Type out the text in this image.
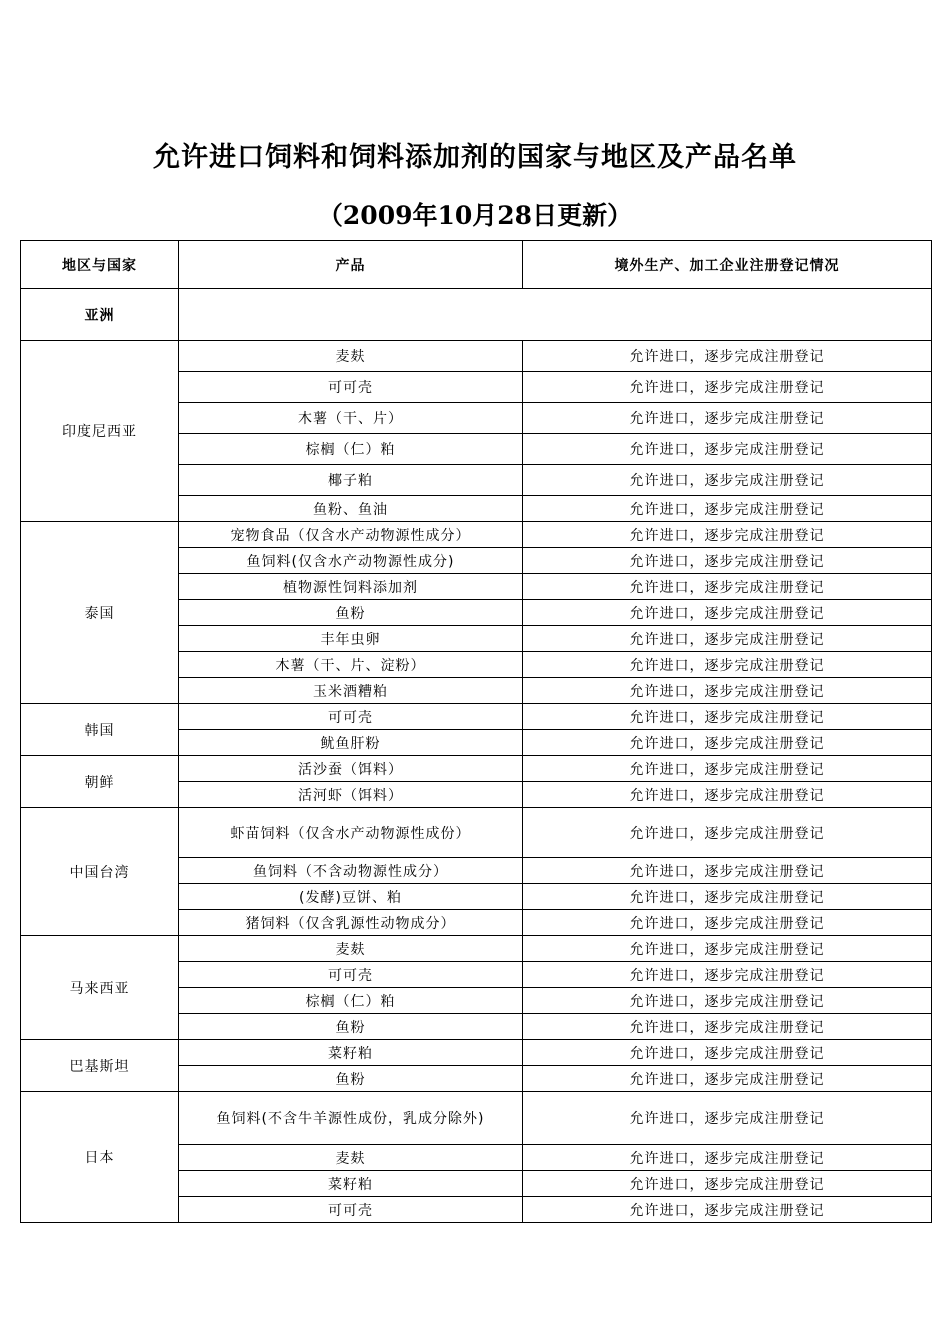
允许进口饲料和饲料添加剂的国家与地区及产品名单
（2009年10月28日更新）
地区与国家	产品	境外生产、加工企业注册登记情况
亚洲		
印度尼西亚	麦麸	允许进口，逐步完成注册登记
	可可壳	允许进口，逐步完成注册登记
	木薯（干、片）	允许进口，逐步完成注册登记
	棕榈（仁）粕	允许进口，逐步完成注册登记
	椰子粕	允许进口，逐步完成注册登记
	鱼粉、鱼油	允许进口，逐步完成注册登记
泰国	宠物食品（仅含水产动物源性成分）	允许进口，逐步完成注册登记
	鱼饲料(仅含水产动物源性成分)	允许进口，逐步完成注册登记
	植物源性饲料添加剂	允许进口，逐步完成注册登记
	鱼粉	允许进口，逐步完成注册登记
	丰年虫卵	允许进口，逐步完成注册登记
	木薯（干、片、淀粉）	允许进口，逐步完成注册登记
	玉米酒糟粕	允许进口，逐步完成注册登记
韩国	可可壳	允许进口，逐步完成注册登记
	鱿鱼肝粉	允许进口，逐步完成注册登记
朝鲜	活沙蚕（饵料）	允许进口，逐步完成注册登记
	活河虾（饵料）	允许进口，逐步完成注册登记
中国台湾	虾苗饲料（仅含水产动物源性成份）	允许进口，逐步完成注册登记
	鱼饲料（不含动物源性成分）	允许进口，逐步完成注册登记
	(发酵)豆饼、粕	允许进口，逐步完成注册登记
	猪饲料（仅含乳源性动物成分）	允许进口，逐步完成注册登记
马来西亚	麦麸	允许进口，逐步完成注册登记
	可可壳	允许进口，逐步完成注册登记
	棕榈（仁）粕	允许进口，逐步完成注册登记
	鱼粉	允许进口，逐步完成注册登记
巴基斯坦	菜籽粕	允许进口，逐步完成注册登记
	鱼粉	允许进口，逐步完成注册登记
日本	鱼饲料(不含牛羊源性成份，乳成分除外)	允许进口，逐步完成注册登记
	麦麸	允许进口，逐步完成注册登记
	菜籽粕	允许进口，逐步完成注册登记
	可可壳	允许进口，逐步完成注册登记
